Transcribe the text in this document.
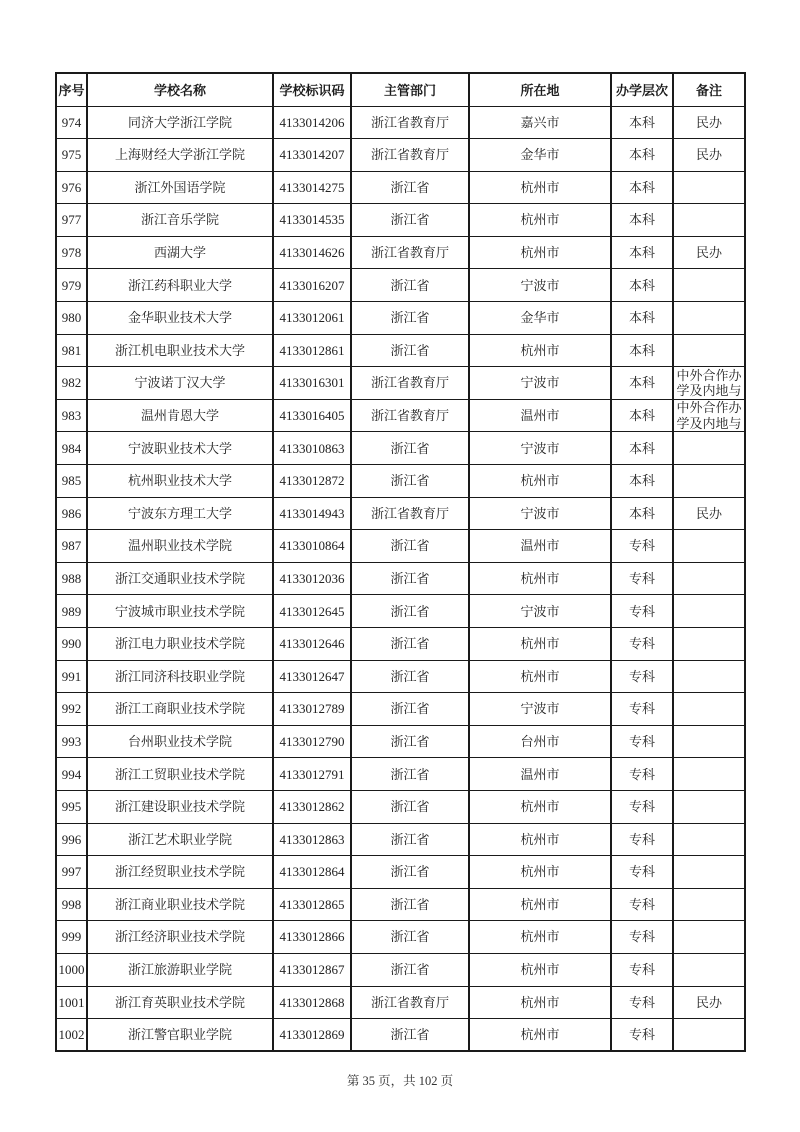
序号	学校名称	学校标识码	主管部门	所在地	办学层次	备注
974	同济大学浙江学院	4133014206	浙江省教育厅	嘉兴市	本科	民办
975	上海财经大学浙江学院	4133014207	浙江省教育厅	金华市	本科	民办
976	浙江外国语学院	4133014275	浙江省	杭州市	本科	
977	浙江音乐学院	4133014535	浙江省	杭州市	本科	
978	西湖大学	4133014626	浙江省教育厅	杭州市	本科	民办
979	浙江药科职业大学	4133016207	浙江省	宁波市	本科	
980	金华职业技术大学	4133012061	浙江省	金华市	本科	
981	浙江机电职业技术大学	4133012861	浙江省	杭州市	本科	
982	宁波诺丁汉大学	4133016301	浙江省教育厅	宁波市	本科	中外合作办学及内地与
983	温州肯恩大学	4133016405	浙江省教育厅	温州市	本科	中外合作办学及内地与
984	宁波职业技术大学	4133010863	浙江省	宁波市	本科	
985	杭州职业技术大学	4133012872	浙江省	杭州市	本科	
986	宁波东方理工大学	4133014943	浙江省教育厅	宁波市	本科	民办
987	温州职业技术学院	4133010864	浙江省	温州市	专科	
988	浙江交通职业技术学院	4133012036	浙江省	杭州市	专科	
989	宁波城市职业技术学院	4133012645	浙江省	宁波市	专科	
990	浙江电力职业技术学院	4133012646	浙江省	杭州市	专科	
991	浙江同济科技职业学院	4133012647	浙江省	杭州市	专科	
992	浙江工商职业技术学院	4133012789	浙江省	宁波市	专科	
993	台州职业技术学院	4133012790	浙江省	台州市	专科	
994	浙江工贸职业技术学院	4133012791	浙江省	温州市	专科	
995	浙江建设职业技术学院	4133012862	浙江省	杭州市	专科	
996	浙江艺术职业学院	4133012863	浙江省	杭州市	专科	
997	浙江经贸职业技术学院	4133012864	浙江省	杭州市	专科	
998	浙江商业职业技术学院	4133012865	浙江省	杭州市	专科	
999	浙江经济职业技术学院	4133012866	浙江省	杭州市	专科	
1000	浙江旅游职业学院	4133012867	浙江省	杭州市	专科	
1001	浙江育英职业技术学院	4133012868	浙江省教育厅	杭州市	专科	民办
1002	浙江警官职业学院	4133012869	浙江省	杭州市	专科	
第 35 页，共 102 页
